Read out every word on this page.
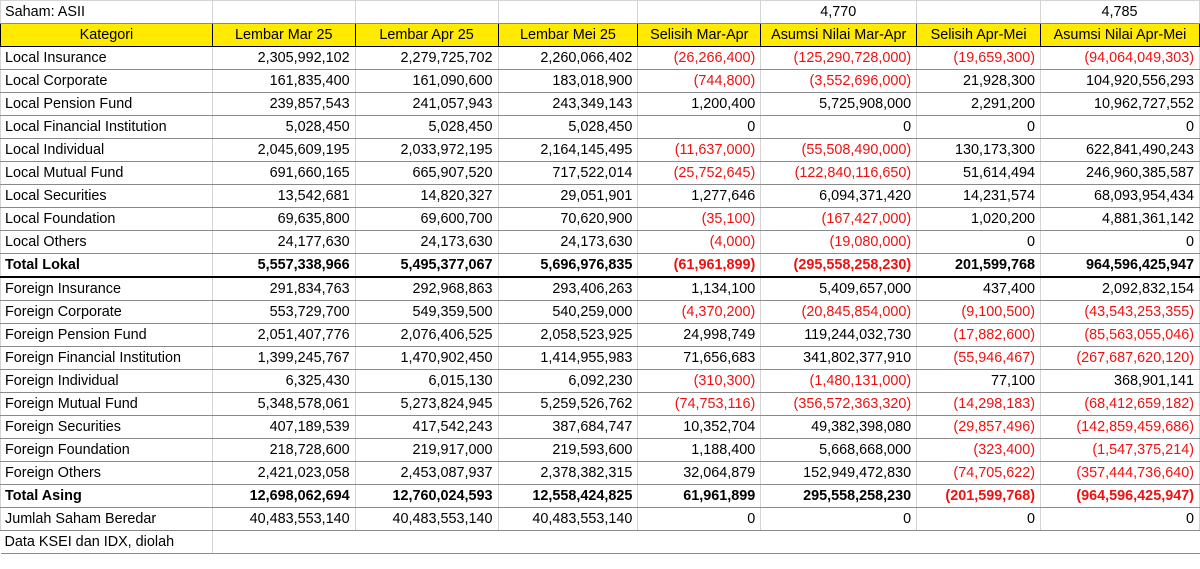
Saham: ASII					4,770		4,785
Kategori	Lembar Mar 25	Lembar Apr 25	Lembar Mei 25	Selisih Mar-Apr	Asumsi Nilai Mar-Apr	Selisih Apr-Mei	Asumsi Nilai Apr-Mei
Local Insurance	2,305,992,102	2,279,725,702	2,260,066,402	(26,266,400)	(125,290,728,000)	(19,659,300)	(94,064,049,303)
Local Corporate	161,835,400	161,090,600	183,018,900	(744,800)	(3,552,696,000)	21,928,300	104,920,556,293
Local Pension Fund	239,857,543	241,057,943	243,349,143	1,200,400	5,725,908,000	2,291,200	10,962,727,552
Local Financial Institution	5,028,450	5,028,450	5,028,450	0	0	0	0
Local Individual	2,045,609,195	2,033,972,195	2,164,145,495	(11,637,000)	(55,508,490,000)	130,173,300	622,841,490,243
Local Mutual Fund	691,660,165	665,907,520	717,522,014	(25,752,645)	(122,840,116,650)	51,614,494	246,960,385,587
Local Securities	13,542,681	14,820,327	29,051,901	1,277,646	6,094,371,420	14,231,574	68,093,954,434
Local Foundation	69,635,800	69,600,700	70,620,900	(35,100)	(167,427,000)	1,020,200	4,881,361,142
Local Others	24,177,630	24,173,630	24,173,630	(4,000)	(19,080,000)	0	0
Total Lokal	5,557,338,966	5,495,377,067	5,696,976,835	(61,961,899)	(295,558,258,230)	201,599,768	964,596,425,947
Foreign Insurance	291,834,763	292,968,863	293,406,263	1,134,100	5,409,657,000	437,400	2,092,832,154
Foreign Corporate	553,729,700	549,359,500	540,259,000	(4,370,200)	(20,845,854,000)	(9,100,500)	(43,543,253,355)
Foreign Pension Fund	2,051,407,776	2,076,406,525	2,058,523,925	24,998,749	119,244,032,730	(17,882,600)	(85,563,055,046)
Foreign Financial Institution	1,399,245,767	1,470,902,450	1,414,955,983	71,656,683	341,802,377,910	(55,946,467)	(267,687,620,120)
Foreign Individual	6,325,430	6,015,130	6,092,230	(310,300)	(1,480,131,000)	77,100	368,901,141
Foreign Mutual Fund	5,348,578,061	5,273,824,945	5,259,526,762	(74,753,116)	(356,572,363,320)	(14,298,183)	(68,412,659,182)
Foreign Securities	407,189,539	417,542,243	387,684,747	10,352,704	49,382,398,080	(29,857,496)	(142,859,459,686)
Foreign Foundation	218,728,600	219,917,000	219,593,600	1,188,400	5,668,668,000	(323,400)	(1,547,375,214)
Foreign Others	2,421,023,058	2,453,087,937	2,378,382,315	32,064,879	152,949,472,830	(74,705,622)	(357,444,736,640)
Total Asing	12,698,062,694	12,760,024,593	12,558,424,825	61,961,899	295,558,258,230	(201,599,768)	(964,596,425,947)
Jumlah Saham Beredar	40,483,553,140	40,483,553,140	40,483,553,140	0	0	0	0
Data KSEI dan IDX, diolah							
